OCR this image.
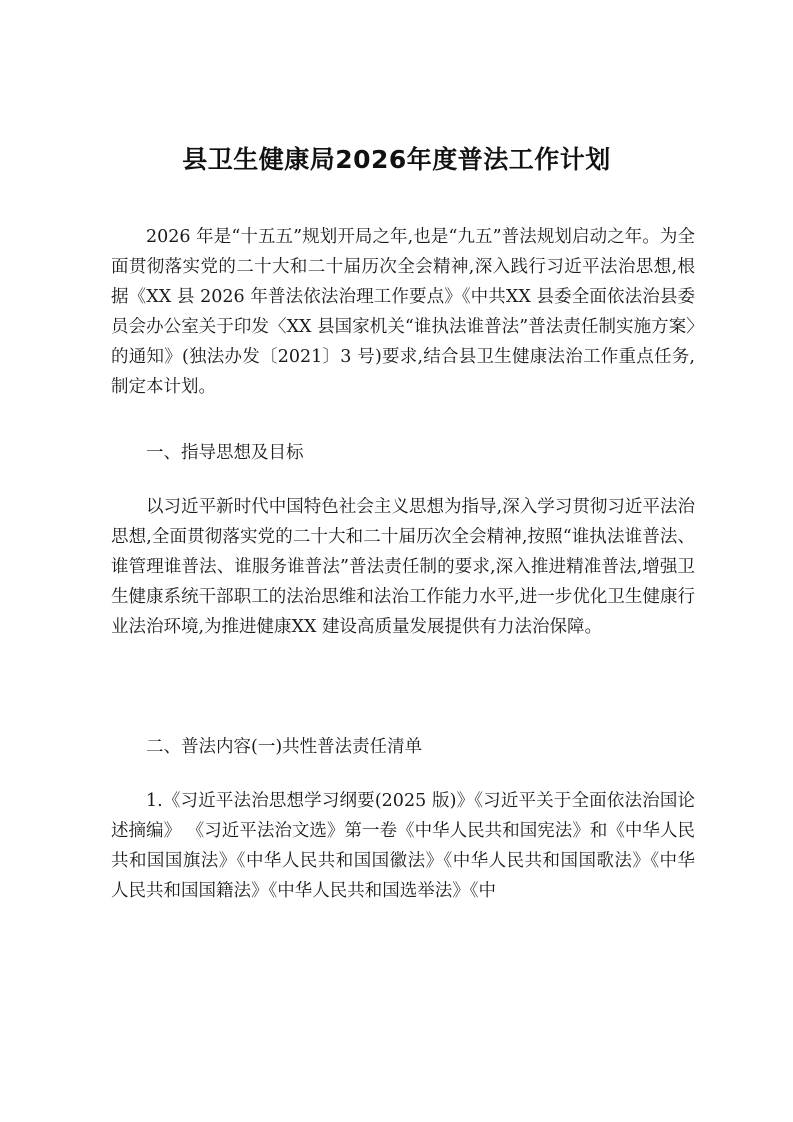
县卫生健康局2026年度普法工作计划

2026 年是“十五五”规划开局之年,也是“九五”普法规划启动之年。为全面贯彻落实党的二十大和二十届历次全会精神,深入践行习近平法治思想,根据《XX 县 2026 年普法依法治理工作要点》《中共XX 县委全面依法治县委员会办公室关于印发〈XX 县国家机关“谁执法谁普法”普法责任制实施方案〉的通知》(独法办发〔2021〕3 号)要求,结合县卫生健康法治工作重点任务,制定本计划。

一、指导思想及目标

以习近平新时代中国特色社会主义思想为指导,深入学习贯彻习近平法治思想,全面贯彻落实党的二十大和二十届历次全会精神,按照“谁执法谁普法、谁管理谁普法、谁服务谁普法”普法责任制的要求,深入推进精准普法,增强卫生健康系统干部职工的法治思维和法治工作能力水平,进一步优化卫生健康行业法治环境,为推进健康XX 建设高质量发展提供有力法治保障。

二、普法内容(一)共性普法责任清单

1.《习近平法治思想学习纲要(2025 版)》《习近平关于全面依法治国论述摘编》 《习近平法治文选》第一卷《中华人民共和国宪法》和《中华人民共和国国旗法》《中华人民共和国国徽法》《中华人民共和国国歌法》《中华人民共和国国籍法》《中华人民共和国选举法》《中
